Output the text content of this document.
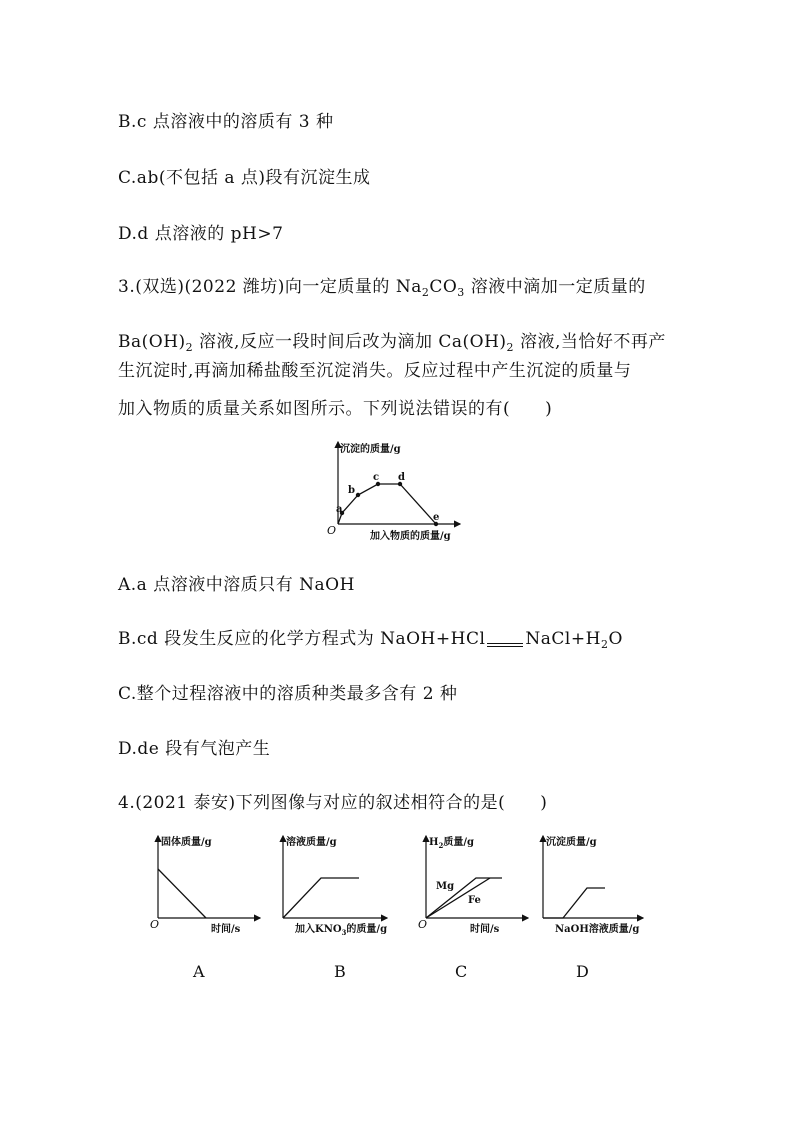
B.c 点溶液中的溶质有 3 种
C.ab(不包括 a 点)段有沉淀生成
D.d 点溶液的 pH>7
3.(双选)(2022 潍坊)向一定质量的 $Na_2CO_3$ 溶液中滴加一定质量的
$Ba(OH)_2$ 溶液,反应一段时间后改为滴加 $Ca(OH)_2$ 溶液,当恰好不再产
生沉淀时,再滴加稀盐酸至沉淀消失。反应过程中产生沉淀的质量与
加入物质的质量关系如图所示。下列说法错误的有(　　)
沉淀的质量/g
加入物质的质量/g
O
a
b
c d
e
A.a 点溶液中溶质只有 NaOH
B.cd 段发生反应的化学方程式为 NaOH+HCl $NaCl+H_2O$
C.整个过程溶液中的溶质种类最多含有 2 种
D.de 段有气泡产生
4.(2021 泰安)下列图像与对应的叙述相符合的是(　　)
固体质量/g
时间/s
O
A
溶液质量/g
加入$KNO_3$的质量/g
B
$H_2$质量/g
Mg
Fe
时间/s
O
C
沉淀质量/g
NaOH溶液质量/g
D
